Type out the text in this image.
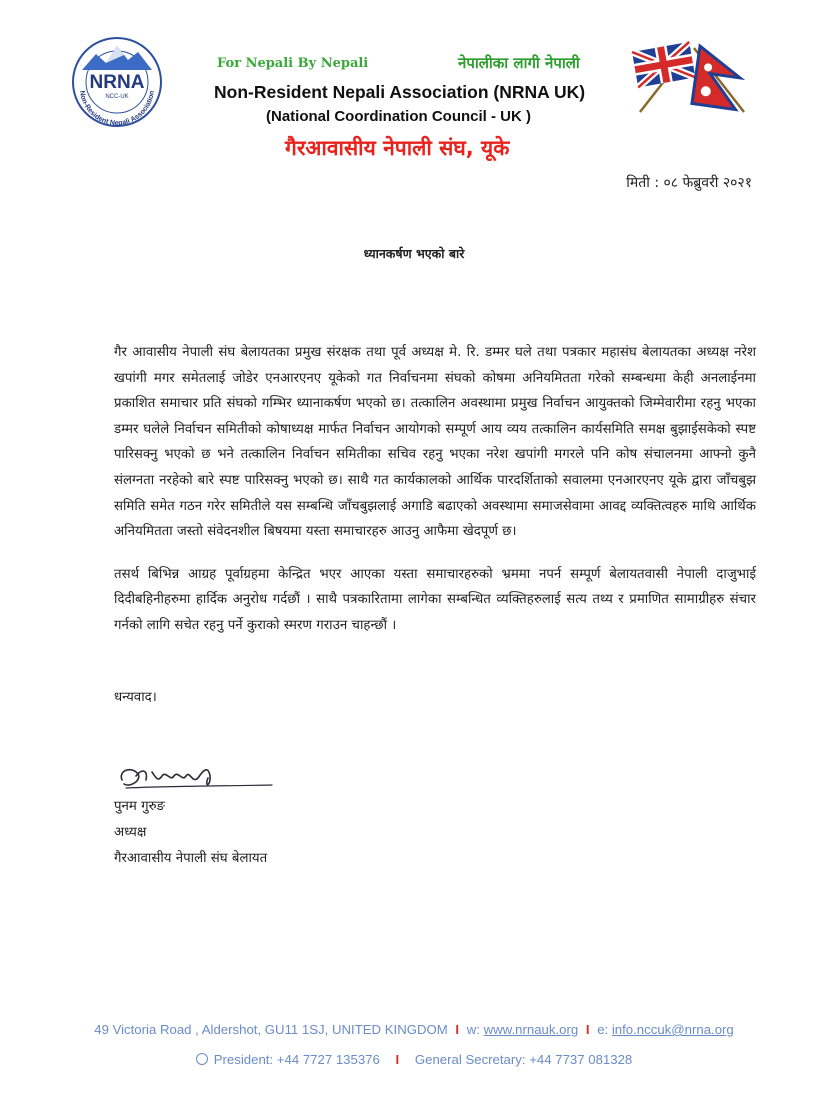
NRNA
NCC-UK
Non-Resident Nepali Association
For Nepali By Nepali	नेपालीका लागी नेपाली
Non-Resident Nepali Association (NRNA UK)
(National Coordination Council - UK )
गैरआवासीय नेपाली संघ, यूके
मिती : ०८ फेब्रुवरी २०२१
ध्यानकर्षण भएको बारे

गैर आवासीय नेपाली संघ बेलायतका प्रमुख संरक्षक तथा पूर्व अध्यक्ष मे. रि. डम्मर घले तथा पत्रकार महासंघ बेलायतका अध्यक्ष नरेश खपांगी मगर समेतलाई जोडेर एनआरएनए यूकेको गत निर्वाचनमा संघको कोषमा अनियमितता गरेको सम्बन्धमा केही अनलाईनमा प्रकाशित समाचार प्रति संघको गम्भिर ध्यानाकर्षण भएको छ। तत्कालिन अवस्थामा प्रमुख निर्वाचन आयुक्तको जिम्मेवारीमा रहनु भएका डम्मर घलेले निर्वाचन समितीको कोषाध्यक्ष मार्फत निर्वाचन आयोगको सम्पूर्ण आय व्यय तत्कालिन कार्यसमिति समक्ष बुझाईसकेको स्पष्ट पारिसक्नु भएको छ भने तत्कालिन निर्वाचन समितीका सचिव रहनु भएका नरेश खपांगी मगरले पनि कोष संचालनमा आफ्नो कुनै संलग्नता नरहेको बारे स्पष्ट पारिसक्नु भएको छ। साथै गत कार्यकालको आर्थिक पारदर्शिताको सवालमा एनआरएनए यूके द्वारा जाँचबुझ समिति समेत गठन गरेर समितीले यस सम्बन्धि जाँचबुझलाई अगाडि बढाएको अवस्थामा समाजसेवामा आवद्द व्यक्तित्वहरु माथि आर्थिक अनियमितता जस्तो संवेदनशील बिषयमा यस्ता समाचारहरु आउनु आफैमा खेदपूर्ण छ।

तसर्थ बिभिन्न आग्रह पूर्वाग्रहमा केन्द्रित भएर आएका यस्ता समाचारहरुको भ्रममा नपर्न सम्पूर्ण बेलायतवासी नेपाली दाजुभाई दिदीबहिनीहरुमा हार्दिक अनुरोध गर्दछौं । साथै पत्रकारितामा लागेका सम्बन्धित व्यक्तिहरुलाई सत्य तथ्य र प्रमाणित सामाग्रीहरु संचार गर्नको लागि सचेत रहनु पर्ने कुराको स्मरण गराउन चाहन्छौं ।

धन्यवाद।
पुनम गुरुङ
अध्यक्ष
गैरआवासीय नेपाली संघ बेलायत
49 Victoria Road , Aldershot, GU11 1SJ, UNITED KINGDOM I w: www.nrnauk.org I e: info.nccuk@nrna.org
President: +44 7727 135376 I General Secretary: +44 7737 081328
